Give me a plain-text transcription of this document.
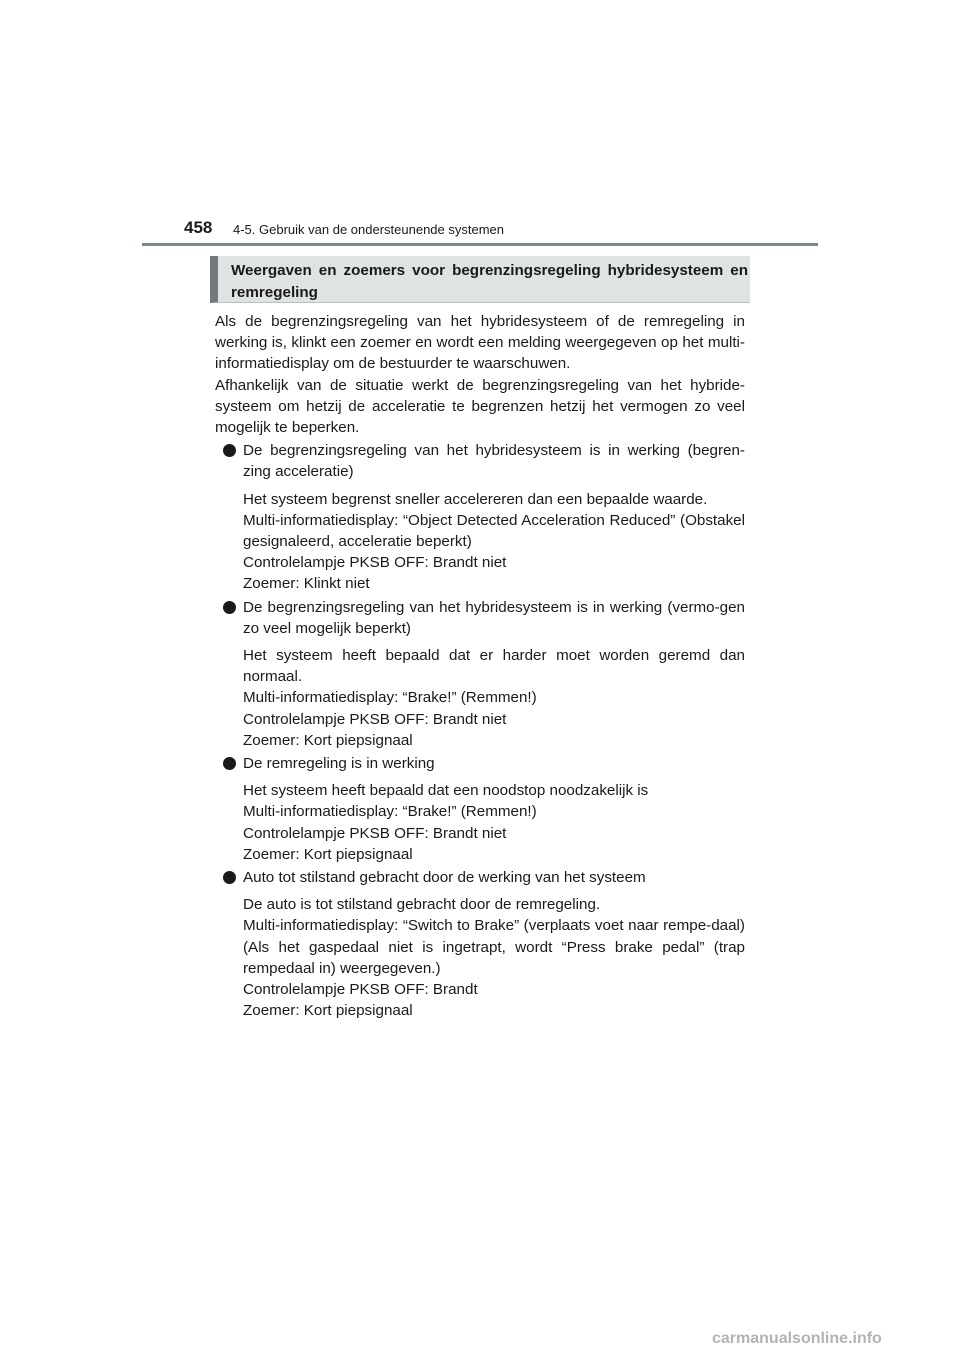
458 4-5. Gebruik van de ondersteunende systemen
Weergaven en zoemers voor begrenzingsregeling hybridesysteem en remregeling

Als de begrenzingsregeling van het hybridesysteem of de remregeling in werking is, klinkt een zoemer en wordt een melding weergegeven op het multi-informatiedisplay om de bestuurder te waarschuwen.

Afhankelijk van de situatie werkt de begrenzingsregeling van het hybride-systeem om hetzij de acceleratie te begrenzen hetzij het vermogen zo veel mogelijk te beperken.

De begrenzingsregeling van het hybridesysteem is in werking (begren-zing acceleratie)

Het systeem begrenst sneller accelereren dan een bepaalde waarde.

Multi-informatiedisplay: “Object Detected Acceleration Reduced” (Obstakel gesignaleerd, acceleratie beperkt)

Controlelampje PKSB OFF: Brandt niet

Zoemer: Klinkt niet

De begrenzingsregeling van het hybridesysteem is in werking (vermo-gen zo veel mogelijk beperkt)

Het systeem heeft bepaald dat er harder moet worden geremd dan normaal.

Multi-informatiedisplay: “Brake!” (Remmen!)

Controlelampje PKSB OFF: Brandt niet

Zoemer: Kort piepsignaal

De remregeling is in werking

Het systeem heeft bepaald dat een noodstop noodzakelijk is

Multi-informatiedisplay: “Brake!” (Remmen!)

Controlelampje PKSB OFF: Brandt niet

Zoemer: Kort piepsignaal

Auto tot stilstand gebracht door de werking van het systeem

De auto is tot stilstand gebracht door de remregeling.

Multi-informatiedisplay: “Switch to Brake” (verplaats voet naar rempe-daal) (Als het gaspedaal niet is ingetrapt, wordt “Press brake pedal” (trap rempedaal in) weergegeven.)

Controlelampje PKSB OFF: Brandt

Zoemer: Kort piepsignaal

carmanualsonline.info
